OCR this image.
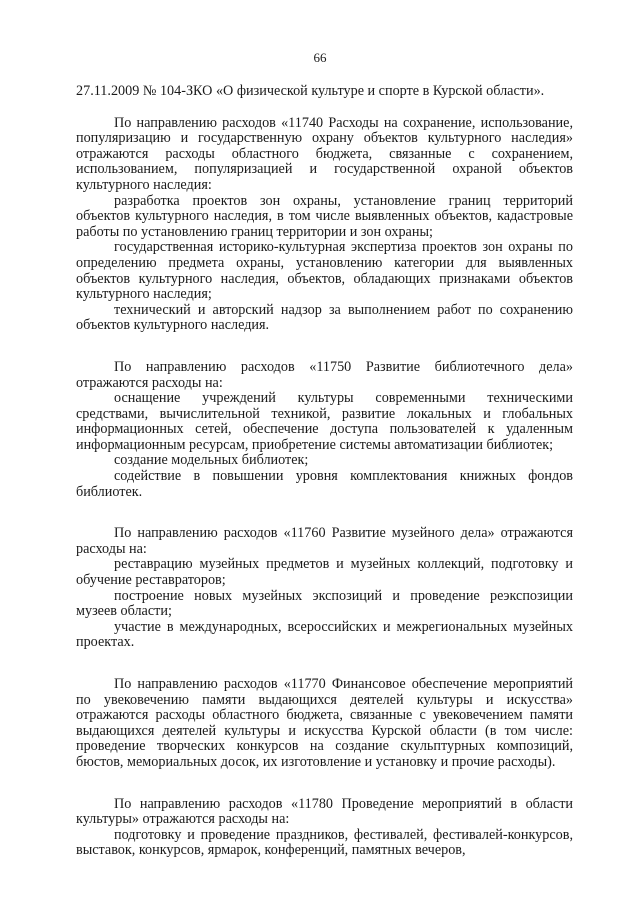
66

27.11.2009 № 104-ЗКО «О физической культуре и спорте в Курской области».

По направлению расходов «11740 Расходы на сохранение, использование, популяризацию и государственную охрану объектов культурного наследия» отражаются расходы областного бюджета, связанные с сохранением, использованием, популяризацией и государственной охраной объектов культурного наследия:

разработка проектов зон охраны, установление границ территорий объектов культурного наследия, в том числе выявленных объектов, кадастровые работы по установлению границ территории и зон охраны;

государственная историко-культурная экспертиза проектов зон охраны по определению предмета охраны, установлению категории для выявленных объектов культурного наследия, объектов, обладающих признаками объектов культурного наследия;

технический и авторский надзор за выполнением работ по сохранению объектов культурного наследия.

По направлению расходов «11750 Развитие библиотечного дела» отражаются расходы на:

оснащение учреждений культуры современными техническими средствами, вычислительной техникой, развитие локальных и глобальных информационных сетей, обеспечение доступа пользователей к удаленным информационным ресурсам, приобретение системы автоматизации библиотек;

создание модельных библиотек;

содействие в повышении уровня комплектования книжных фондов библиотек.

По направлению расходов «11760 Развитие музейного дела» отражаются расходы на:

реставрацию музейных предметов и музейных коллекций, подготовку и обучение реставраторов;

построение новых музейных экспозиций и проведение реэкспозиции музеев области;

участие в международных, всероссийских и межрегиональных музейных проектах.

По направлению расходов «11770 Финансовое обеспечение мероприятий по увековечению памяти выдающихся деятелей культуры и искусства» отражаются расходы областного бюджета, связанные с увековечением памяти выдающихся деятелей культуры и искусства Курской области (в том числе: проведение творческих конкурсов на создание скульптурных композиций, бюстов, мемориальных досок, их изготовление и установку и прочие расходы).

По направлению расходов «11780 Проведение мероприятий в области культуры» отражаются расходы на:

подготовку и проведение праздников, фестивалей, фестивалей-конкурсов, выставок, конкурсов, ярмарок, конференций, памятных вечеров,
